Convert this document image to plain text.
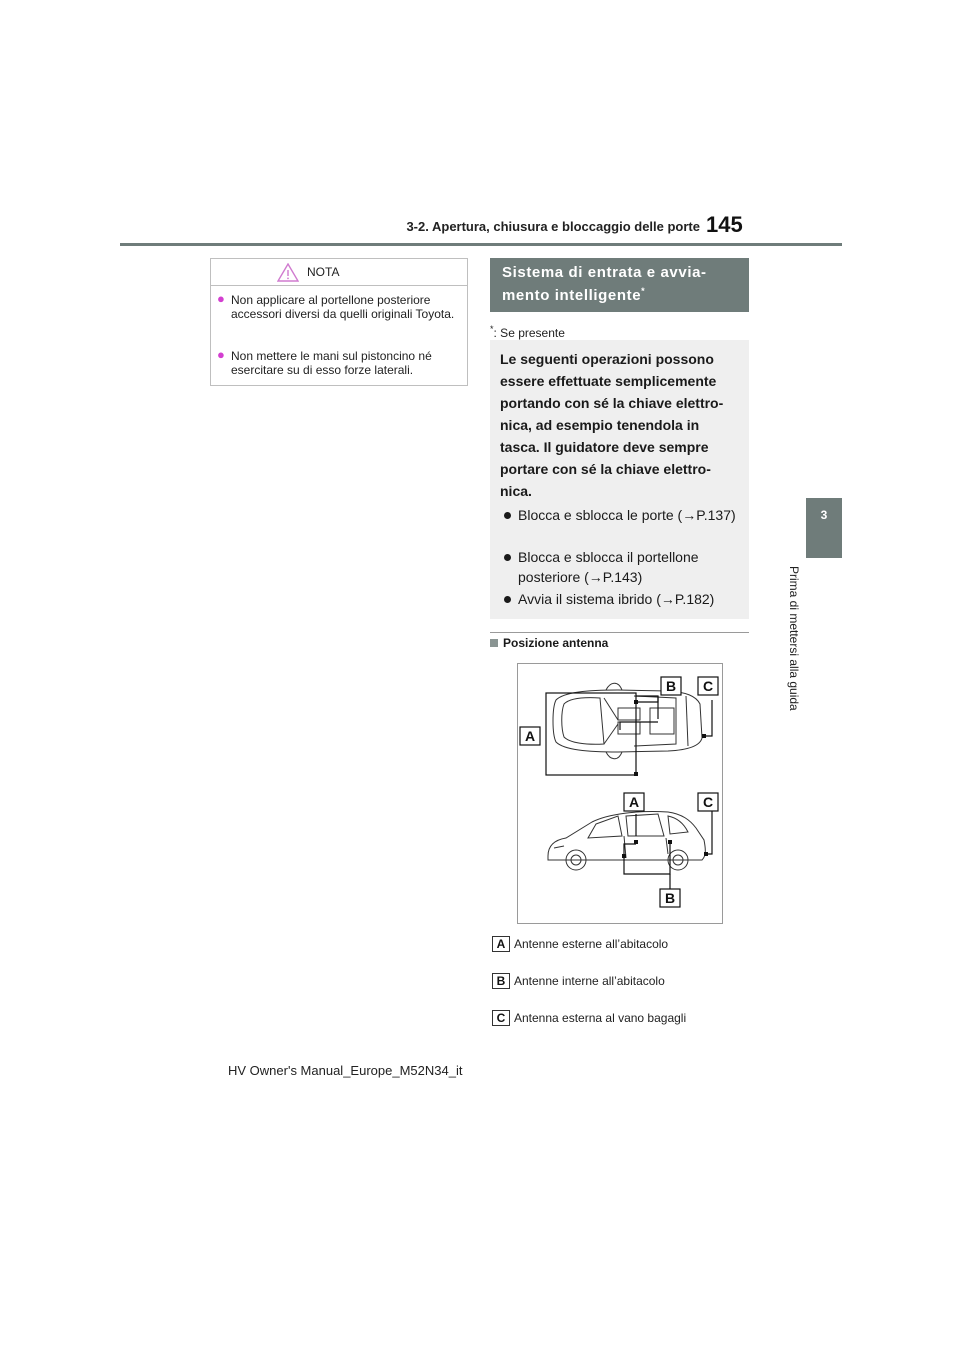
3-2. Apertura, chiusura e bloccaggio delle porte 145
3
Prima di mettersi alla guida
NOTA
● Non applicare al portellone posteriore accessori diversi da quelli originali Toyota.
● Non mettere le mani sul pistoncino né esercitare su di esso forze laterali.
Sistema di entrata e avvia-
mento intelligente*
*: Se presente
Le seguenti operazioni possono
essere effettuate semplicemente
portando con sé la chiave elettro-
nica, ad esempio tenendola in
tasca. Il guidatore deve sempre
portare con sé la chiave elettro-
nica.
Blocca e sblocca le porte (→P.137)
Blocca e sblocca il portellone posteriore (→P.143)
Avvia il sistema ibrido (→P.182)
Posizione antenna
A
B C
A	C
B
A Antenne esterne all’abitacolo
B Antenne interne all’abitacolo
C Antenna esterna al vano bagagli
HV Owner's Manual_Europe_M52N34_it
